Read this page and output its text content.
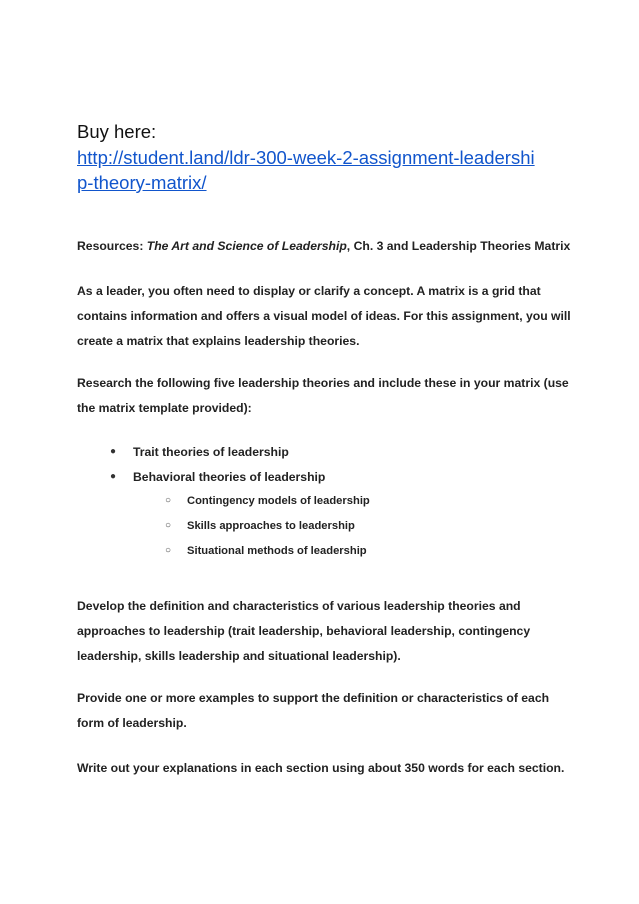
Buy here:
http://student.land/ldr-300-week-2-assignment-leadershi
p-theory-matrix/
Resources: The Art and Science of Leadership, Ch. 3 and Leadership Theories Matrix
As a leader, you often need to display or clarify a concept. A matrix is a grid that
contains information and offers a visual model of ideas. For this assignment, you will
create a matrix that explains leadership theories.
Research the following five leadership theories and include these in your matrix (use
the matrix template provided):
● Trait theories of leadership
● Behavioral theories of leadership
○ Contingency models of leadership
○ Skills approaches to leadership
○ Situational methods of leadership
Develop the definition and characteristics of various leadership theories and
approaches to leadership (trait leadership, behavioral leadership, contingency
leadership, skills leadership and situational leadership).
Provide one or more examples to support the definition or characteristics of each
form of leadership.
Write out your explanations in each section using about 350 words for each section.
